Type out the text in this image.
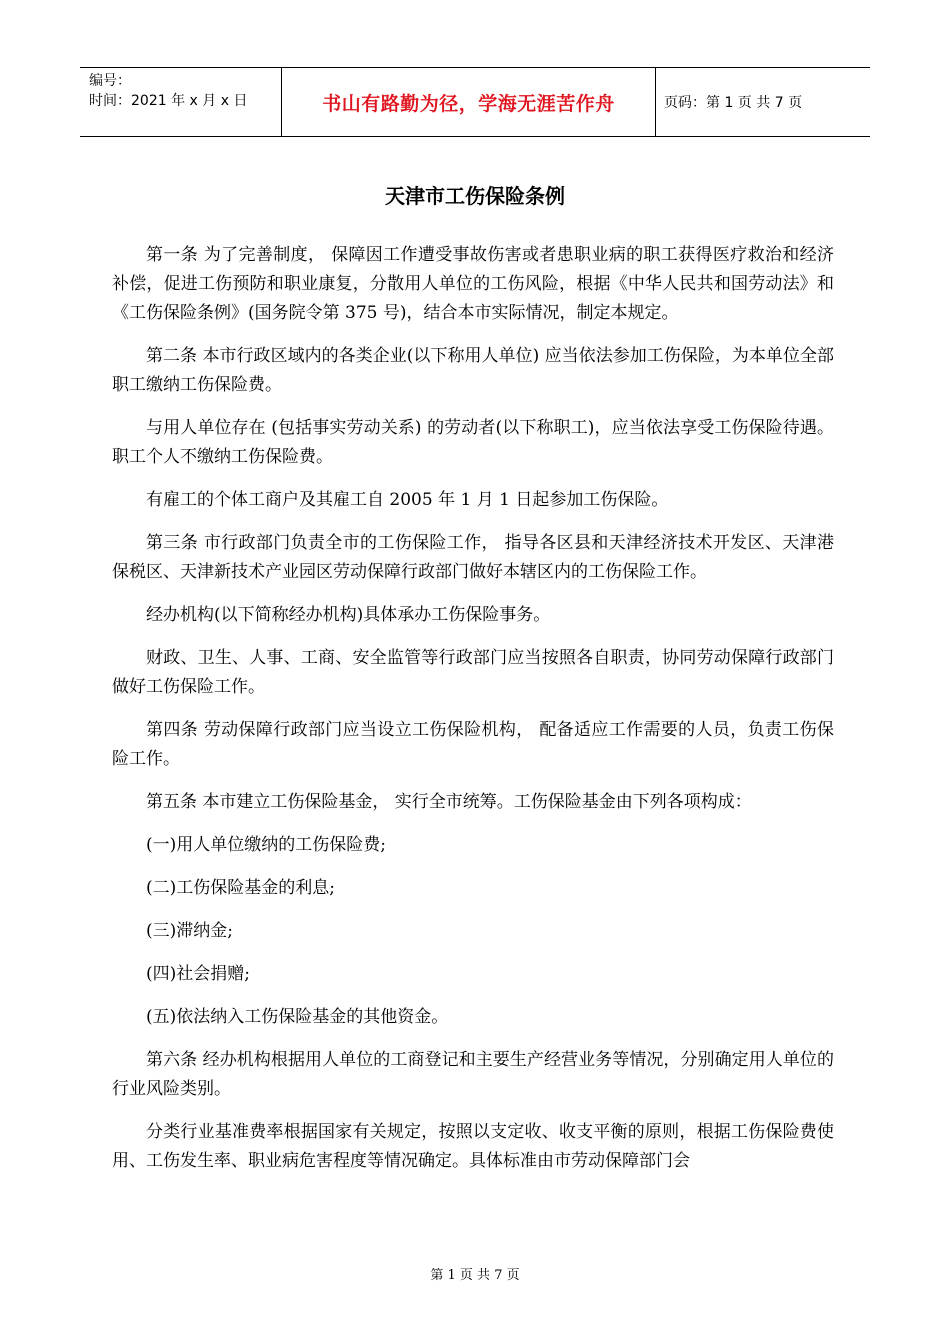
编号：
时间：2021 年 x 月 x 日	书山有路勤为径，学海无涯苦作舟	页码：第 1 页 共 7 页
天津市工伤保险条例

第一条 为了完善制度， 保障因工作遭受事故伤害或者患职业病的职工获得医疗救治和经济补偿，促进工伤预防和职业康复，分散用人单位的工伤风险，根据《中华人民共和国劳动法》和《工伤保险条例》(国务院令第 375 号)，结合本市实际情况，制定本规定。

第二条 本市行政区域内的各类企业(以下称用人单位) 应当依法参加工伤保险，为本单位全部职工缴纳工伤保险费。

与用人单位存在 (包括事实劳动关系) 的劳动者(以下称职工)，应当依法享受工伤保险待遇。职工个人不缴纳工伤保险费。

有雇工的个体工商户及其雇工自 2005 年 1 月 1 日起参加工伤保险。

第三条 市行政部门负责全市的工伤保险工作， 指导各区县和天津经济技术开发区、天津港保税区、天津新技术产业园区劳动保障行政部门做好本辖区内的工伤保险工作。

经办机构(以下简称经办机构)具体承办工伤保险事务。

财政、卫生、人事、工商、安全监管等行政部门应当按照各自职责，协同劳动保障行政部门做好工伤保险工作。

第四条 劳动保障行政部门应当设立工伤保险机构， 配备适应工作需要的人员，负责工伤保险工作。

第五条 本市建立工伤保险基金， 实行全市统筹。工伤保险基金由下列各项构成：

(一)用人单位缴纳的工伤保险费;

(二)工伤保险基金的利息;

(三)滞纳金;

(四)社会捐赠;

(五)依法纳入工伤保险基金的其他资金。

第六条 经办机构根据用人单位的工商登记和主要生产经营业务等情况，分别确定用人单位的行业风险类别。

分类行业基准费率根据国家有关规定，按照以支定收、收支平衡的原则，根据工伤保险费使用、工伤发生率、职业病危害程度等情况确定。具体标准由市劳动保障部门会

第 1 页 共 7 页
